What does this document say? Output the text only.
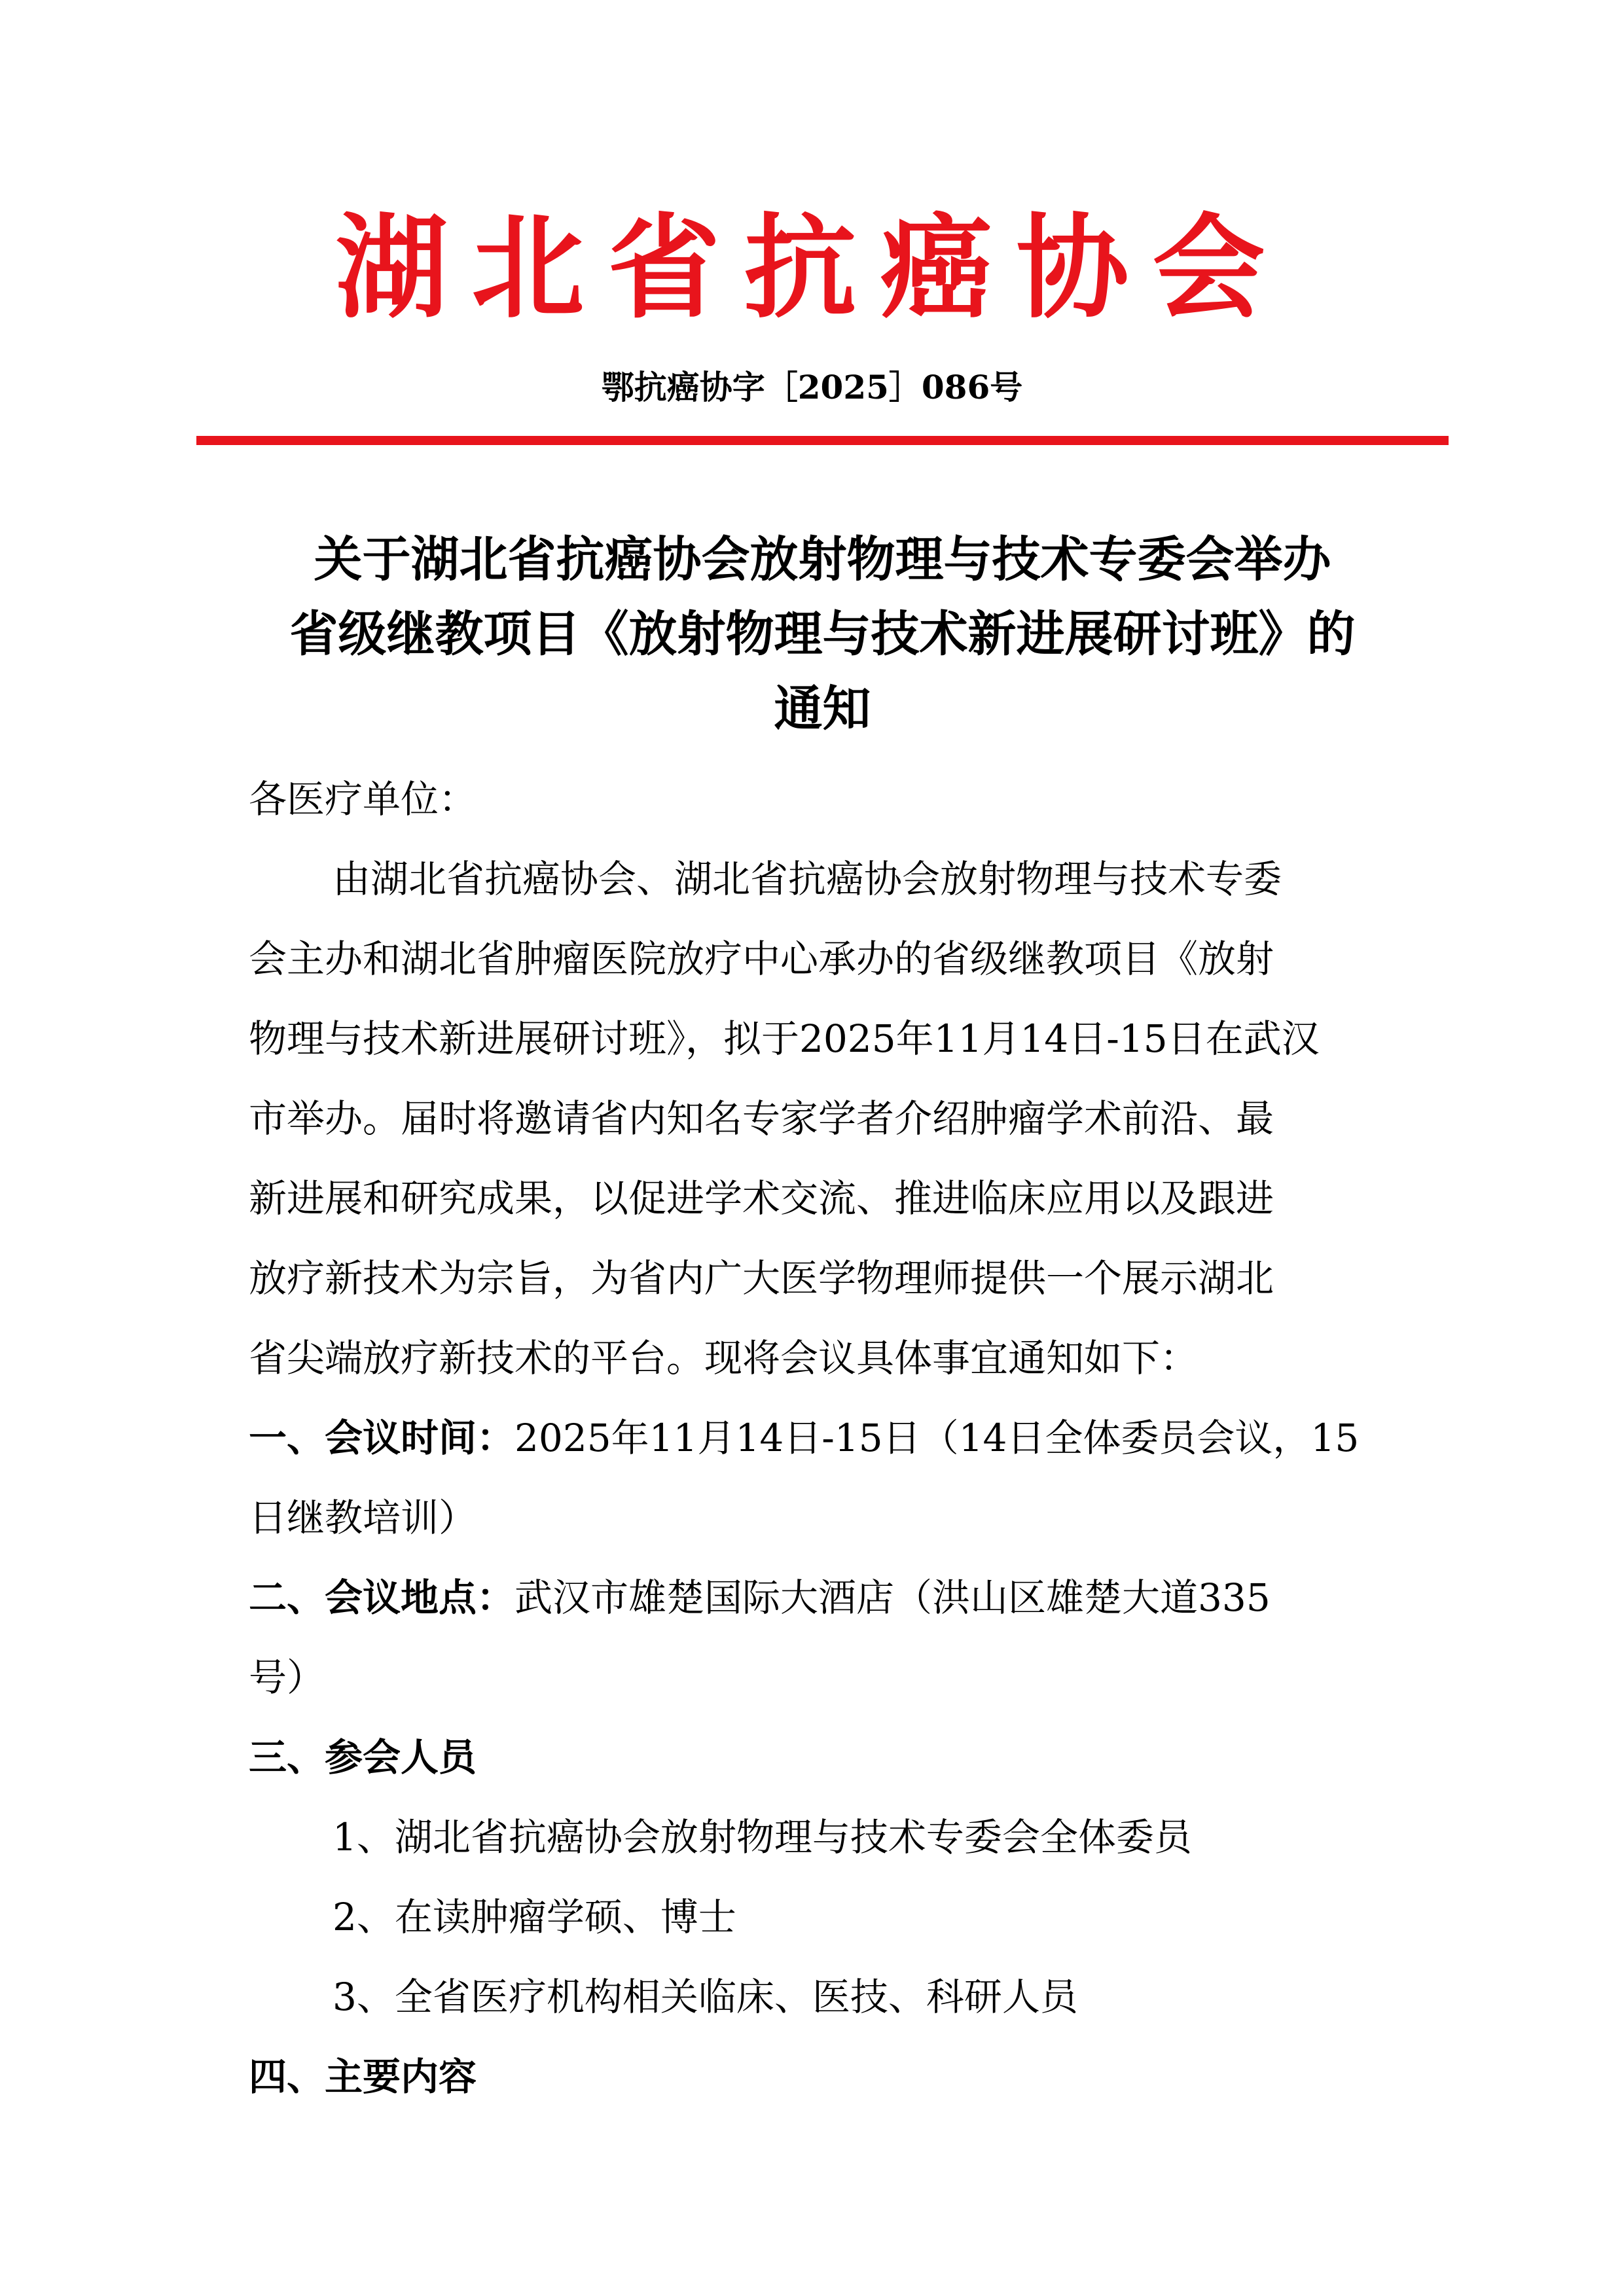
湖北省抗癌协会
鄂抗癌协字［2025］086号
关于湖北省抗癌协会放射物理与技术专委会举办
省级继教项目《放射物理与技术新进展研讨班》的
通知
各医疗单位：
由湖北省抗癌协会、湖北省抗癌协会放射物理与技术专委
会主办和湖北省肿瘤医院放疗中心承办的省级继教项目《放射
物理与技术新进展研讨班》，拟于2025年11月14日-15日在武汉
市举办。届时将邀请省内知名专家学者介绍肿瘤学术前沿、最
新进展和研究成果，以促进学术交流、推进临床应用以及跟进
放疗新技术为宗旨，为省内广大医学物理师提供一个展示湖北
省尖端放疗新技术的平台。现将会议具体事宜通知如下：
一、会议时间：2025年11月14日-15日（14日全体委员会议，15
日继教培训）
二、会议地点：武汉市雄楚国际大酒店（洪山区雄楚大道335
号）
三、参会人员
1、湖北省抗癌协会放射物理与技术专委会全体委员
2、在读肿瘤学硕、博士
3、全省医疗机构相关临床、医技、科研人员
四、主要内容
